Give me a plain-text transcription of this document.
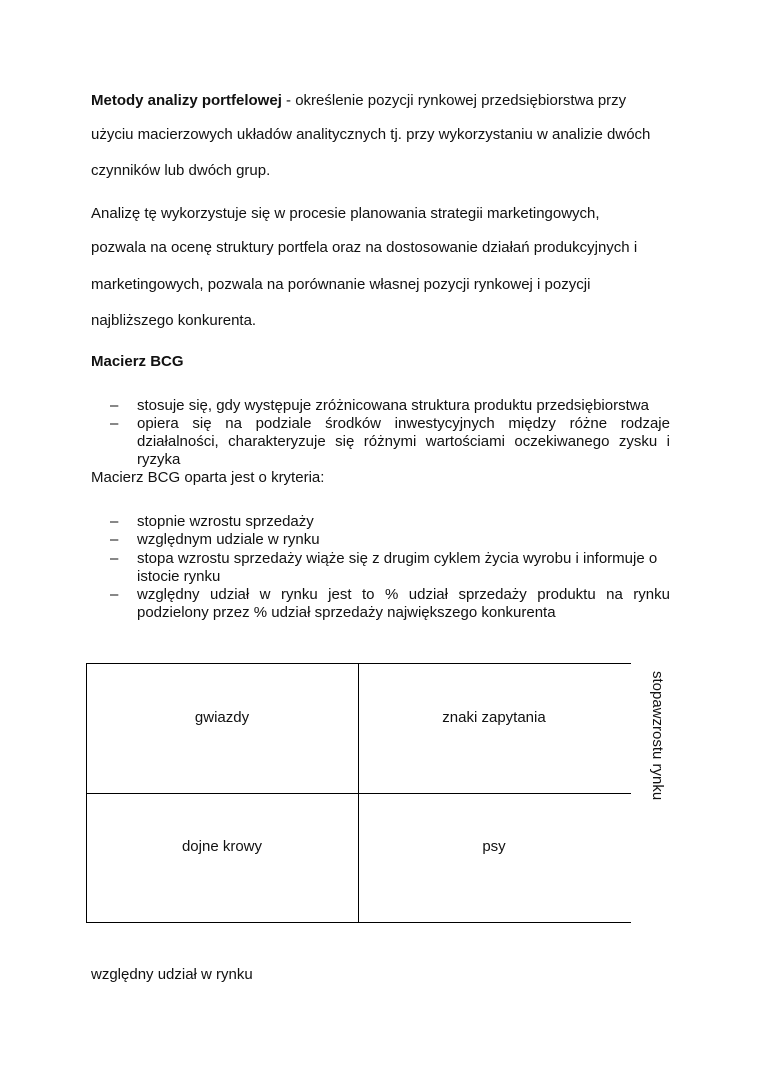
Metody analizy portfelowej - określenie pozycji rynkowej przedsiębiorstwa przy
użyciu macierzowych układów analitycznych tj. przy wykorzystaniu w analizie dwóch
czynników lub dwóch grup.
Analizę tę wykorzystuje się w procesie planowania strategii marketingowych,
pozwala na ocenę struktury portfela oraz na dostosowanie działań produkcyjnych i
marketingowych, pozwala na porównanie własnej pozycji rynkowej i pozycji
najbliższego konkurenta.
Macierz BCG
– stosuje się, gdy występuje zróżnicowana struktura produktu przedsiębiorstwa
– opiera się na podziale środków inwestycyjnych między różne rodzaje
działalności, charakteryzuje się różnymi wartościami oczekiwanego zysku i
ryzyka
Macierz BCG oparta jest o kryteria:
– stopnie wzrostu sprzedaży
– względnym udziale w rynku
– stopa wzrostu sprzedaży wiąże się z drugim cyklem życia wyrobu i informuje o
istocie rynku
– względny udział w rynku jest to % udział sprzedaży produktu na rynku
podzielony przez % udział sprzedaży największego konkurenta
gwiazdy	znaki zapytania
dojne krowy	psy
stopawzrostu rynku
względny udział w rynku
